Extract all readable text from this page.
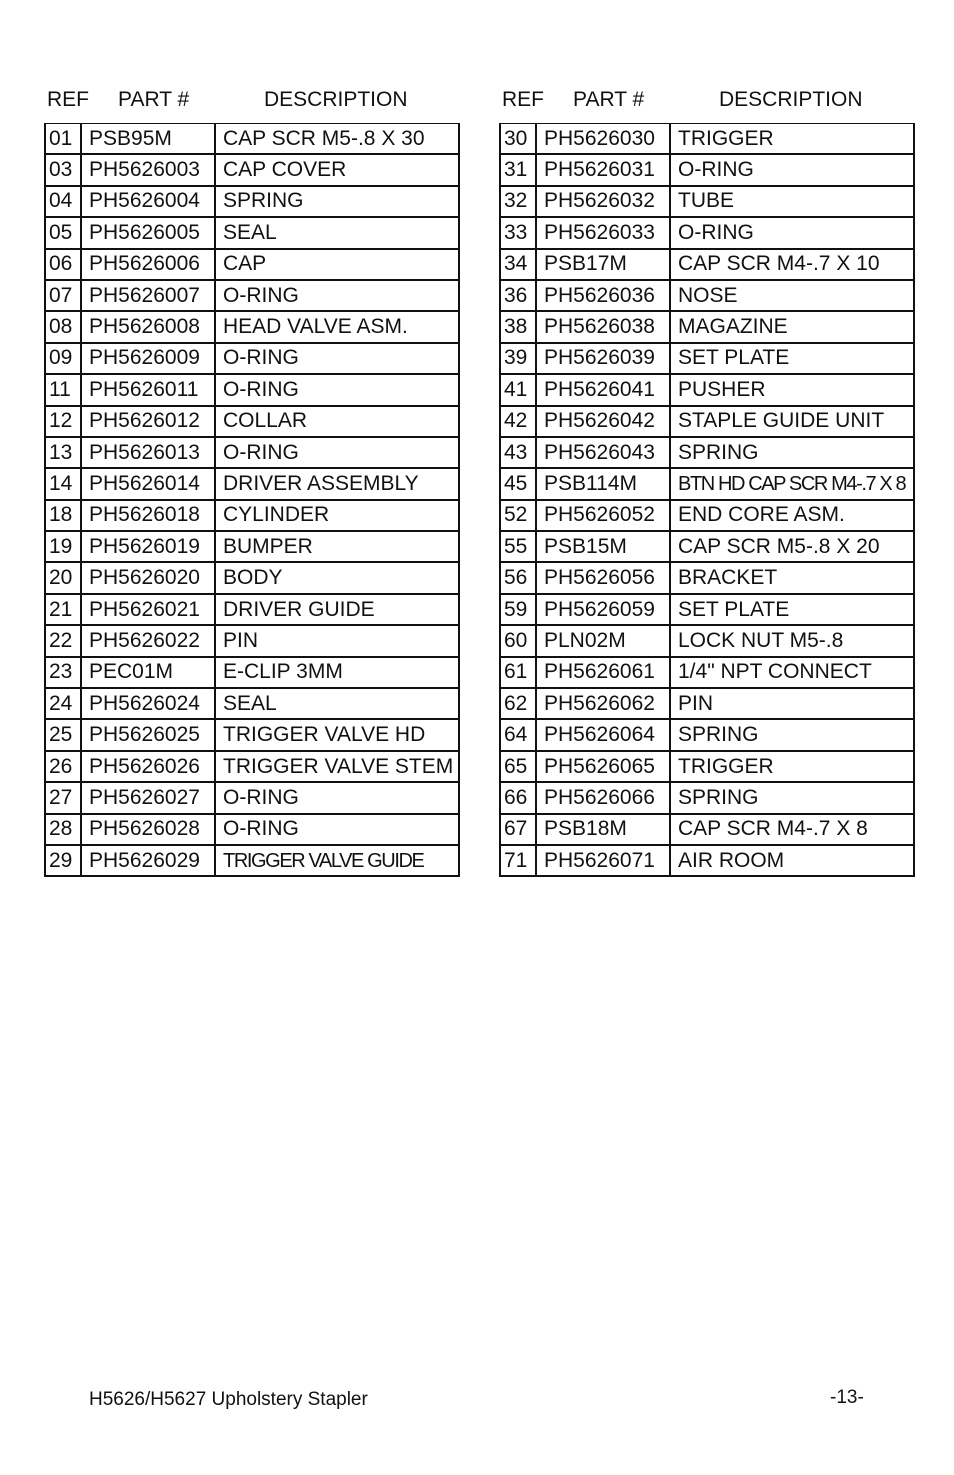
REF PART #	DESCRIPTION	REF PART #	DESCRIPTION
01	PSB95M	CAP SCR M5-.8 X 30
03	PH5626003	CAP COVER
04	PH5626004	SPRING
05	PH5626005	SEAL
06	PH5626006	CAP
07	PH5626007	O-RING
08	PH5626008	HEAD VALVE ASM.
09	PH5626009	O-RING
11	PH5626011	O-RING
12	PH5626012	COLLAR
13	PH5626013	O-RING
14	PH5626014	DRIVER ASSEMBLY
18	PH5626018	CYLINDER
19	PH5626019	BUMPER
20	PH5626020	BODY
21	PH5626021	DRIVER GUIDE
22	PH5626022	PIN
23	PEC01M	E-CLIP 3MM
24	PH5626024	SEAL
25	PH5626025	TRIGGER VALVE HD
26	PH5626026	TRIGGER VALVE STEM
27	PH5626027	O-RING
28	PH5626028	O-RING
29	PH5626029	TRIGGER VALVE GUIDE
30	PH5626030	TRIGGER
31	PH5626031	O-RING
32	PH5626032	TUBE
33	PH5626033	O-RING
34	PSB17M	CAP SCR M4-.7 X 10
36	PH5626036	NOSE
38	PH5626038	MAGAZINE
39	PH5626039	SET PLATE
41	PH5626041	PUSHER
42	PH5626042	STAPLE GUIDE UNIT
43	PH5626043	SPRING
45	PSB114M	BTN HD CAP SCR M4-.7 X 8
52	PH5626052	END CORE ASM.
55	PSB15M	CAP SCR M5-.8 X 20
56	PH5626056	BRACKET
59	PH5626059	SET PLATE
60	PLN02M	LOCK NUT M5-.8
61	PH5626061	1/4" NPT CONNECT
62	PH5626062	PIN
64	PH5626064	SPRING
65	PH5626065	TRIGGER
66	PH5626066	SPRING
67	PSB18M	CAP SCR M4-.7 X 8
71	PH5626071	AIR ROOM
H5626/H5627 Upholstery Stapler	-13-
